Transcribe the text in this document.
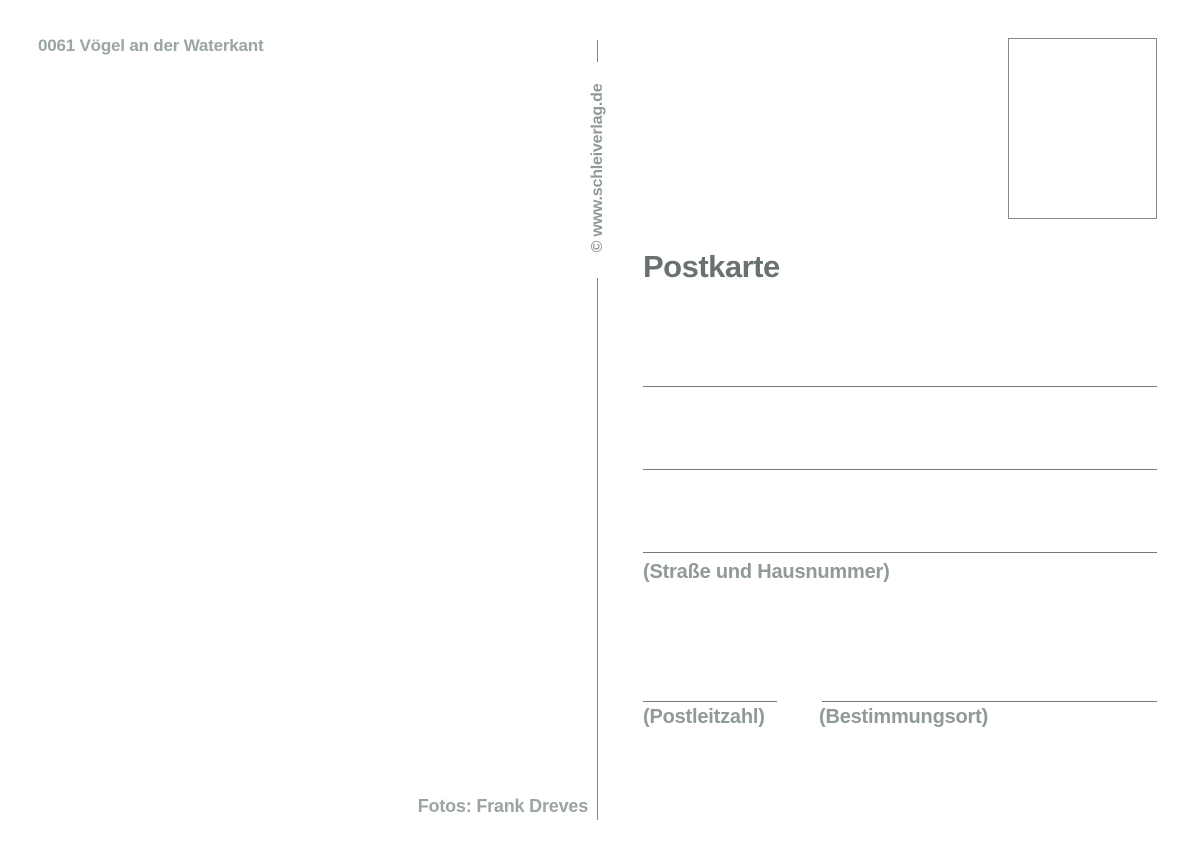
0061 Vögel an der Waterkant
© www.schleiverlag.de
Fotos: Frank Dreves
Postkarte
(Straße und Hausnummer)
(Postleitzahl)	(Bestimmungsort)
